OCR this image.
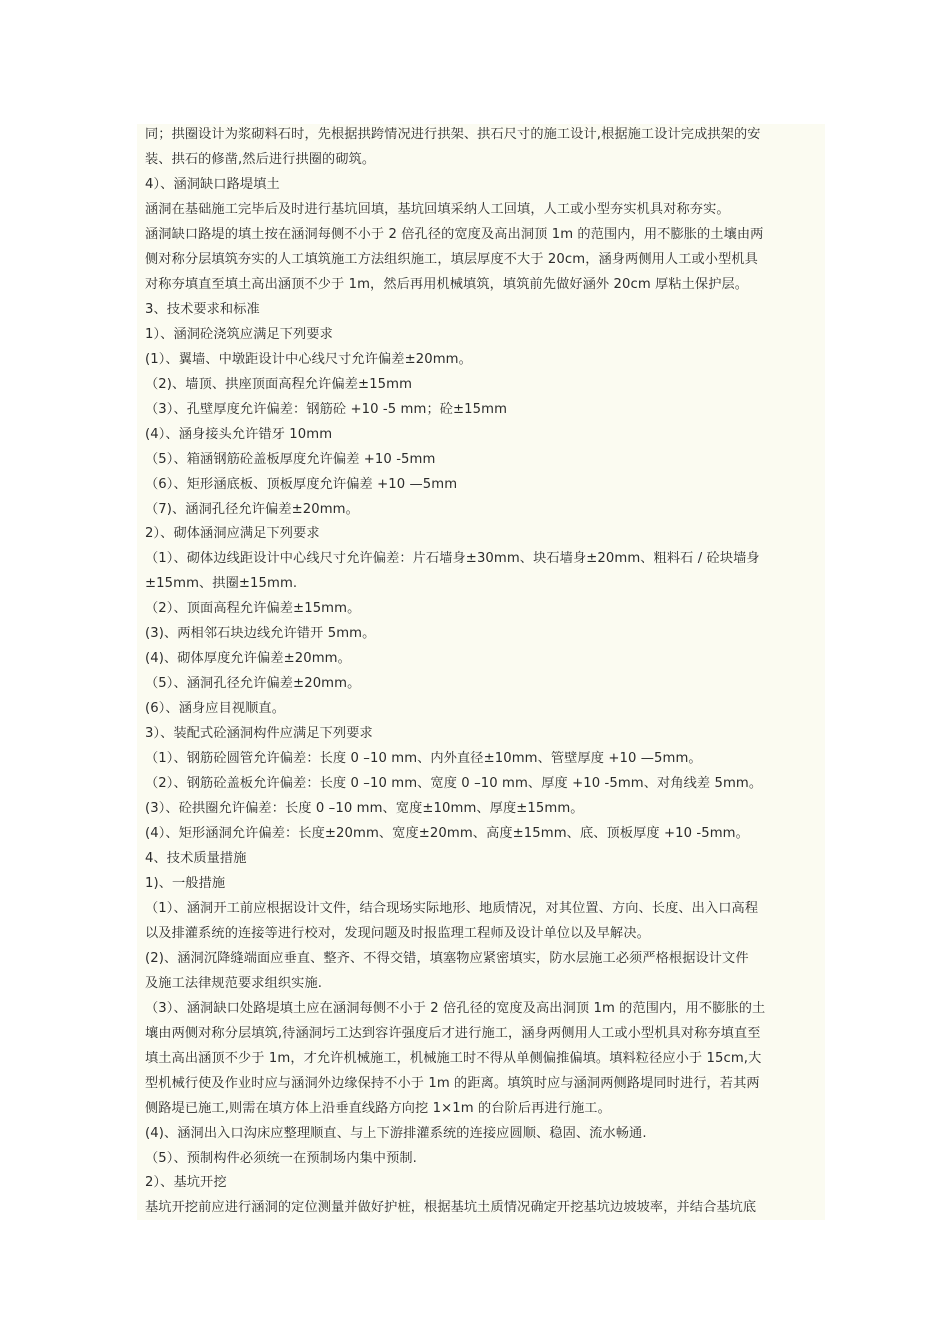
同；拱圈设计为浆砌料石时，先根据拱跨情况进行拱架、拱石尺寸的施工设计,根据施工设计完成拱架的安
装、拱石的修凿,然后进行拱圈的砌筑。
4）、涵洞缺口路堤填土
涵洞在基础施工完毕后及时进行基坑回填，基坑回填采纳人工回填，人工或小型夯实机具对称夯实。
涵洞缺口路堤的填土按在涵洞每侧不小于 2 倍孔径的宽度及高出洞顶 1m 的范围内，用不膨胀的土壤由两
侧对称分层填筑夯实的人工填筑施工方法组织施工，填层厚度不大于 20cm，涵身两侧用人工或小型机具
对称夯填直至填土高出涵顶不少于 1m，然后再用机械填筑，填筑前先做好涵外 20cm 厚粘土保护层。
3、技术要求和标准
1）、涵洞砼浇筑应满足下列要求
(1）、翼墙、中墩距设计中心线尺寸允许偏差±20mm。
（2)、墙顶、拱座顶面高程允许偏差±15mm
（3）、孔壁厚度允许偏差：钢筋砼 +10 -5 mm；砼±15mm
(4）、涵身接头允许错牙 10mm
（5）、箱涵钢筋砼盖板厚度允许偏差 +10 -5mm
（6）、矩形涵底板、顶板厚度允许偏差 +10 —5mm
（7)、涵洞孔径允许偏差±20mm。
2）、砌体涵洞应满足下列要求
（1）、砌体边线距设计中心线尺寸允许偏差：片石墙身±30mm、块石墙身±20mm、粗料石 / 砼块墙身
±15mm、拱圈±15mm.
（2）、顶面高程允许偏差±15mm。
(3)、两相邻石块边线允许错开 5mm。
(4)、砌体厚度允许偏差±20mm。
（5）、涵洞孔径允许偏差±20mm。
(6）、涵身应目视顺直。
3）、装配式砼涵洞构件应满足下列要求
（1）、钢筋砼圆管允许偏差：长度 0 –10 mm、内外直径±10mm、管壁厚度 +10 —5mm。
（2）、钢筋砼盖板允许偏差：长度 0 –10 mm、宽度 0 –10 mm、厚度 +10 -5mm、对角线差 5mm。
(3）、砼拱圈允许偏差：长度 0 –10 mm、宽度±10mm、厚度±15mm。
(4）、矩形涵洞允许偏差：长度±20mm、宽度±20mm、高度±15mm、底、顶板厚度 +10 -5mm。
4、技术质量措施
1)、一般措施
（1）、涵洞开工前应根据设计文件，结合现场实际地形、地质情况，对其位置、方向、长度、出入口高程
以及排灌系统的连接等进行校对，发现问题及时报监理工程师及设计单位以及早解决。
(2)、涵洞沉降缝端面应垂直、整齐、不得交错，填塞物应紧密填实，防水层施工必须严格根据设计文件
及施工法律规范要求组织实施.
（3）、涵洞缺口处路堤填土应在涵洞每侧不小于 2 倍孔径的宽度及高出洞顶 1m 的范围内，用不膨胀的土
壤由两侧对称分层填筑,待涵洞圬工达到容许强度后才进行施工，涵身两侧用人工或小型机具对称夯填直至
填土高出涵顶不少于 1m，才允许机械施工，机械施工时不得从单侧偏推偏填。填料粒径应小于 15cm,大
型机械行使及作业时应与涵洞外边缘保持不小于 1m 的距离。填筑时应与涵洞两侧路堤同时进行，若其两
侧路堤已施工,则需在填方体上沿垂直线路方向挖 1×1m 的台阶后再进行施工。
(4)、涵洞出入口沟床应整理顺直、与上下游排灌系统的连接应圆顺、稳固、流水畅通.
（5）、预制构件必须统一在预制场内集中预制.
2）、基坑开挖
基坑开挖前应进行涵洞的定位测量并做好护桩，根据基坑土质情况确定开挖基坑边坡坡率，并结合基坑底
